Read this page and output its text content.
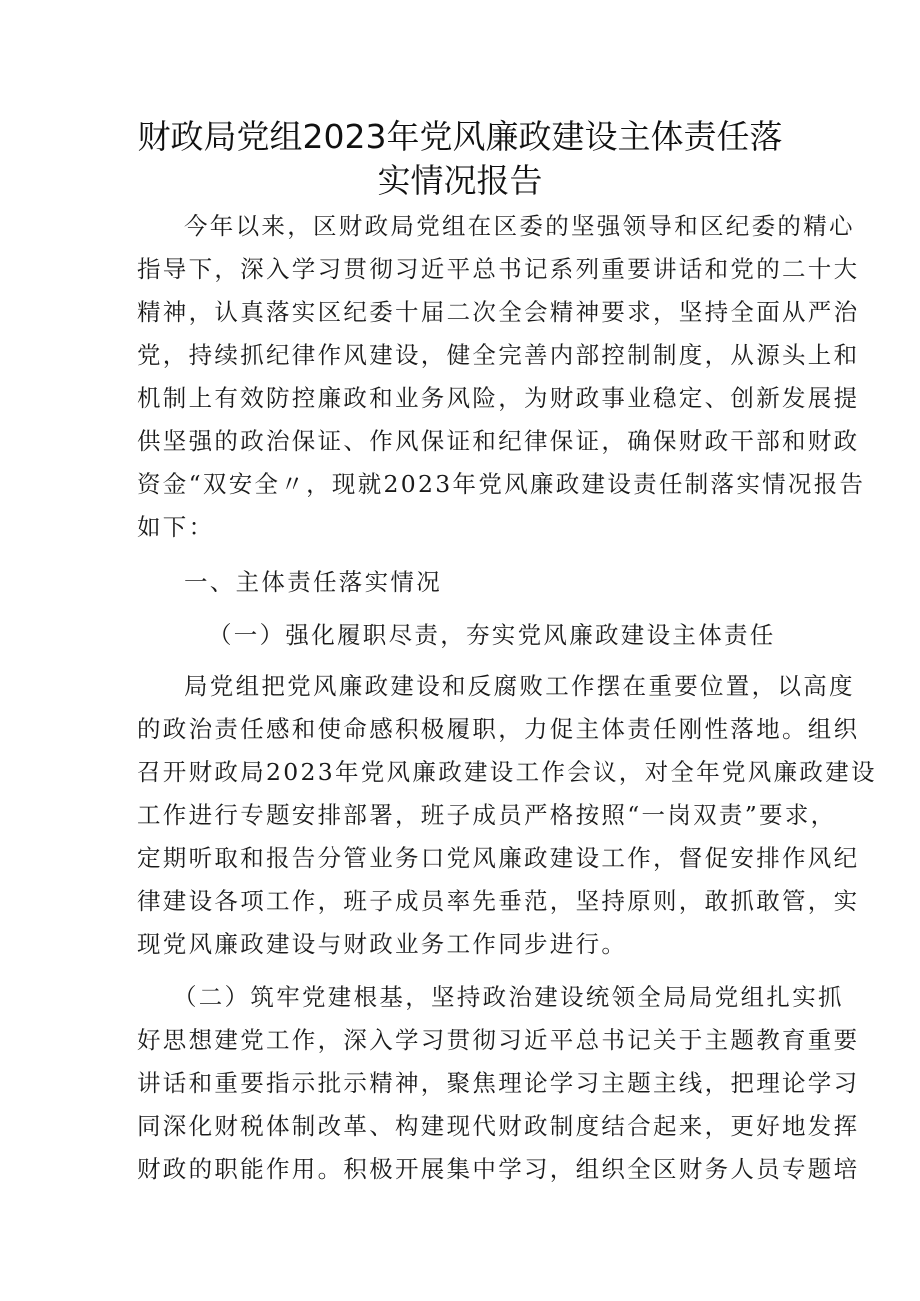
财政局党组2023年党风廉政建设主体责任落
实情况报告
今年以来，区财政局党组在区委的坚强领导和区纪委的精心
指导下，深入学习贯彻习近平总书记系列重要讲话和党的二十大
精神，认真落实区纪委十届二次全会精神要求，坚持全面从严治
党，持续抓纪律作风建设，健全完善内部控制制度，从源头上和
机制上有效防控廉政和业务风险，为财政事业稳定、创新发展提
供坚强的政治保证、作风保证和纪律保证，确保财政干部和财政
资金“双安全〃，现就2023年党风廉政建设责任制落实情况报告
如下：
一、主体责任落实情况
（一）强化履职尽责，夯实党风廉政建设主体责任
局党组把党风廉政建设和反腐败工作摆在重要位置，以高度
的政治责任感和使命感积极履职，力促主体责任刚性落地。组织
召开财政局2023年党风廉政建设工作会议，对全年党风廉政建设
工作进行专题安排部署，班子成员严格按照“一岗双责”要求，
定期听取和报告分管业务口党风廉政建设工作，督促安排作风纪
律建设各项工作，班子成员率先垂范，坚持原则，敢抓敢管，实
现党风廉政建设与财政业务工作同步进行。
（二）筑牢党建根基，坚持政治建设统领全局局党组扎实抓
好思想建党工作，深入学习贯彻习近平总书记关于主题教育重要
讲话和重要指示批示精神，聚焦理论学习主题主线，把理论学习
同深化财税体制改革、构建现代财政制度结合起来，更好地发挥
财政的职能作用。积极开展集中学习，组织全区财务人员专题培
